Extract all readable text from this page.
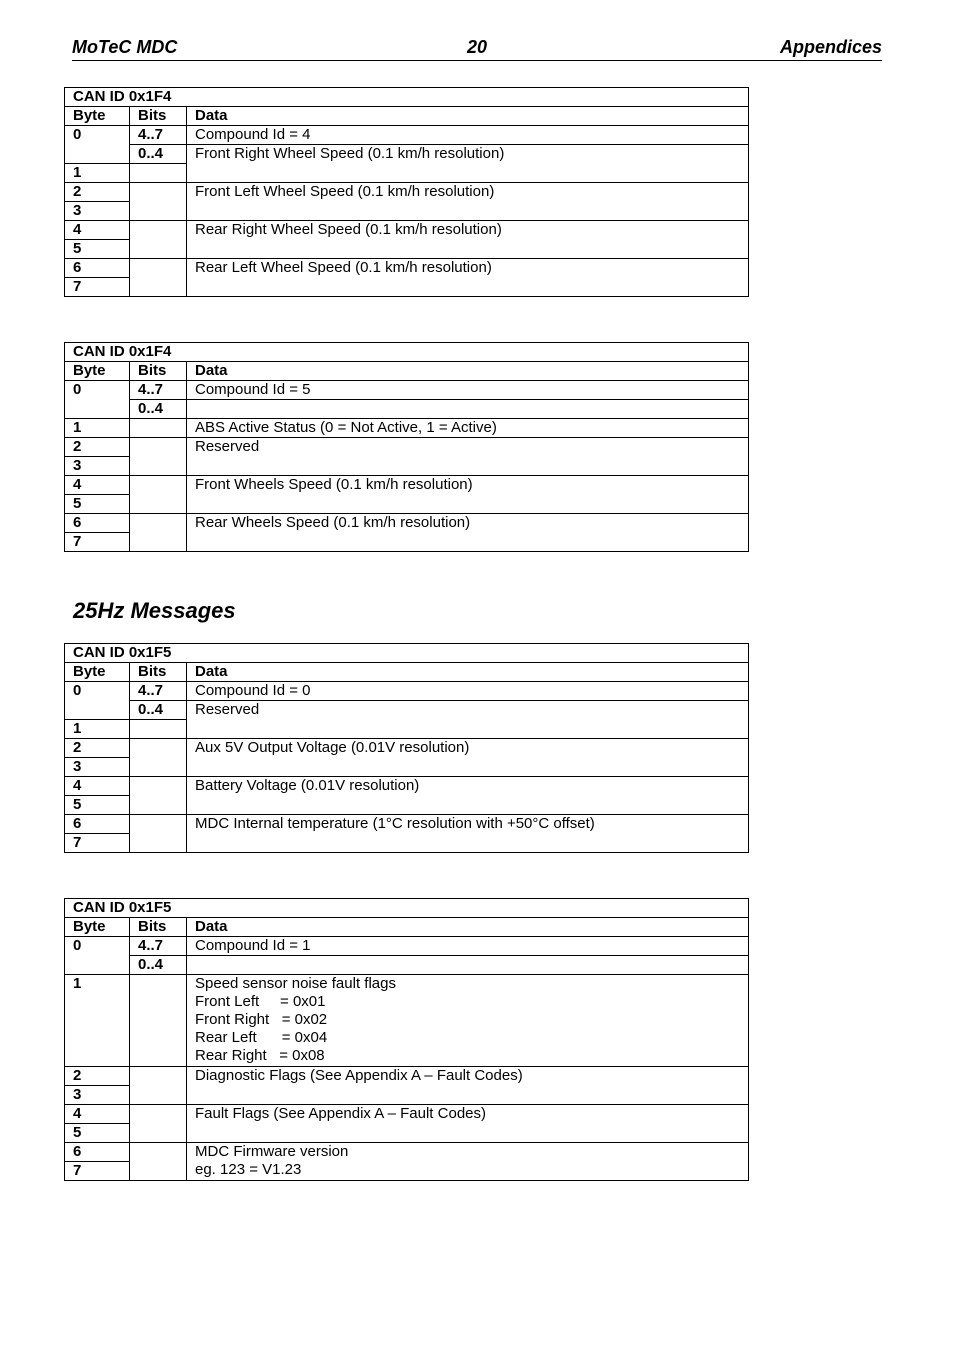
MoTeC MDC	20	Appendices
CAN ID 0x1F4		
Byte	Bits	Data
0	4..7	Compound Id = 4
	0..4	Front Right Wheel Speed (0.1 km/h resolution)
1		
2		Front Left Wheel Speed (0.1 km/h resolution)
3		
4		Rear Right Wheel Speed (0.1 km/h resolution)
5		
6		Rear Left Wheel Speed (0.1 km/h resolution)
7		
CAN ID 0x1F4		
Byte	Bits	Data
0	4..7	Compound Id = 5
	0..4	
1		ABS Active Status (0 = Not Active, 1 = Active)
2		Reserved
3		
4		Front Wheels Speed (0.1 km/h resolution)
5		
6		Rear Wheels Speed (0.1 km/h resolution)
7		
25Hz Messages
CAN ID 0x1F5		
Byte	Bits	Data
0	4..7	Compound Id = 0
	0..4	Reserved
1		
2		Aux 5V Output Voltage (0.01V resolution)
3		
4		Battery Voltage (0.01V resolution)
5		
6		MDC Internal temperature (1°C resolution with +50°C offset)
7		
CAN ID 0x1F5		
Byte	Bits	Data
0	4..7	Compound Id = 1
	0..4	
1		Speed sensor noise fault flags
Front Left     = 0x01
Front Right   = 0x02
Rear Left      = 0x04
Rear Right   = 0x08

2		Diagnostic Flags (See Appendix A – Fault Codes)
3		
4		Fault Flags (See Appendix A – Fault Codes)
5		
6		MDC Firmware version
eg. 123 = V1.23

7		
